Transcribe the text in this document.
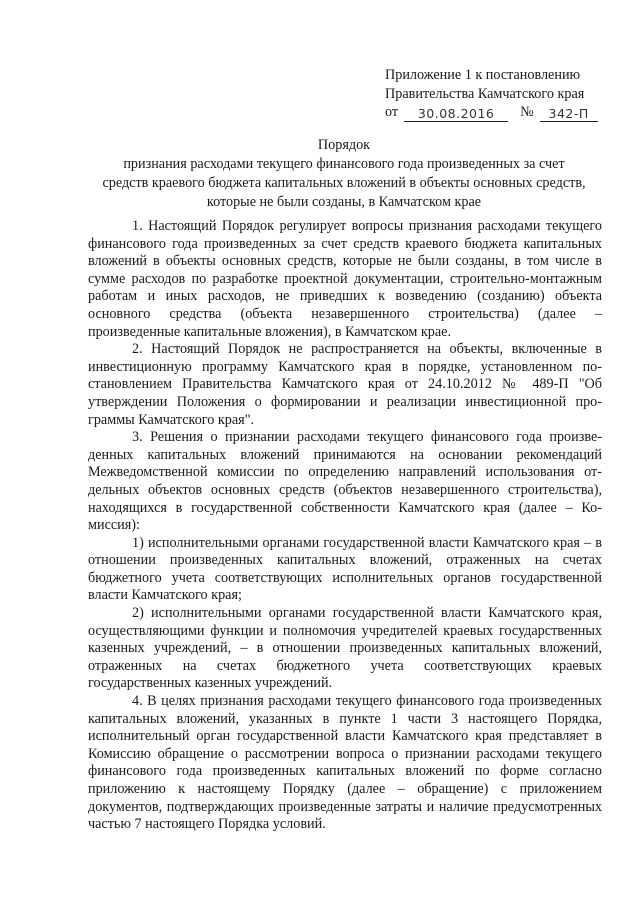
Приложение 1 к постановлению
Правительства Камчатского края
от	30.08.2016	№	342-П
Порядок
признания расходами текущего финансового года произведенных за счет
средств краевого бюджета капитальных вложений в объекты основных средств,
которые не были созданы, в Камчатском крае

1. Настоящий Порядок регулирует вопросы признания расходами текущего финансового года произведенных за счет средств краевого бюджета капитальных вложений в объекты основных средств, которые не были созданы, в том числе в сумме расходов по разработке проектной документации, строительно-монтажным работам и иных расходов, не приведших к возведению (созданию) объекта основного средства (объекта незавершенного строительства) (далее – произведенные капитальные вложения), в Камчатском крае.

2. Настоящий Порядок не распространяется на объекты, включенные в инвестиционную программу Камчатского края в порядке, установленном постановлением Правительства Камчатского края от 24.10.2012 № 489-П "Об утверждении Положения о формировании и реализации инвестиционной программы Камчатского края".

3. Решения о признании расходами текущего финансового года произведенных капитальных вложений принимаются на основании рекомендаций Межведомственной комиссии по определению направлений использования отдельных объектов основных средств (объектов незавершенного строительства), находящихся в государственной собственности Камчатского края (далее – Комиссия):

1) исполнительными органами государственной власти Камчатского края – в отношении произведенных капитальных вложений, отраженных на счетах бюджетного учета соответствующих исполнительных органов государственной власти Камчатского края;

2) исполнительными органами государственной власти Камчатского края, осуществляющими функции и полномочия учредителей краевых государственных казенных учреждений, – в отношении произведенных капитальных вложений, отраженных на счетах бюджетного учета соответствующих краевых государственных казенных учреждений.

4. В целях признания расходами текущего финансового года произведенных капитальных вложений, указанных в пункте 1 части 3 настоящего Порядка, исполнительный орган государственной власти Камчатского края представляет в Комиссию обращение о рассмотрении вопроса о признании расходами текущего финансового года произведенных капитальных вложений по форме согласно приложению к настоящему Порядку (далее – обращение) с приложением документов, подтверждающих произведенные затраты и наличие предусмотренных частью 7 настоящего Порядка условий.
